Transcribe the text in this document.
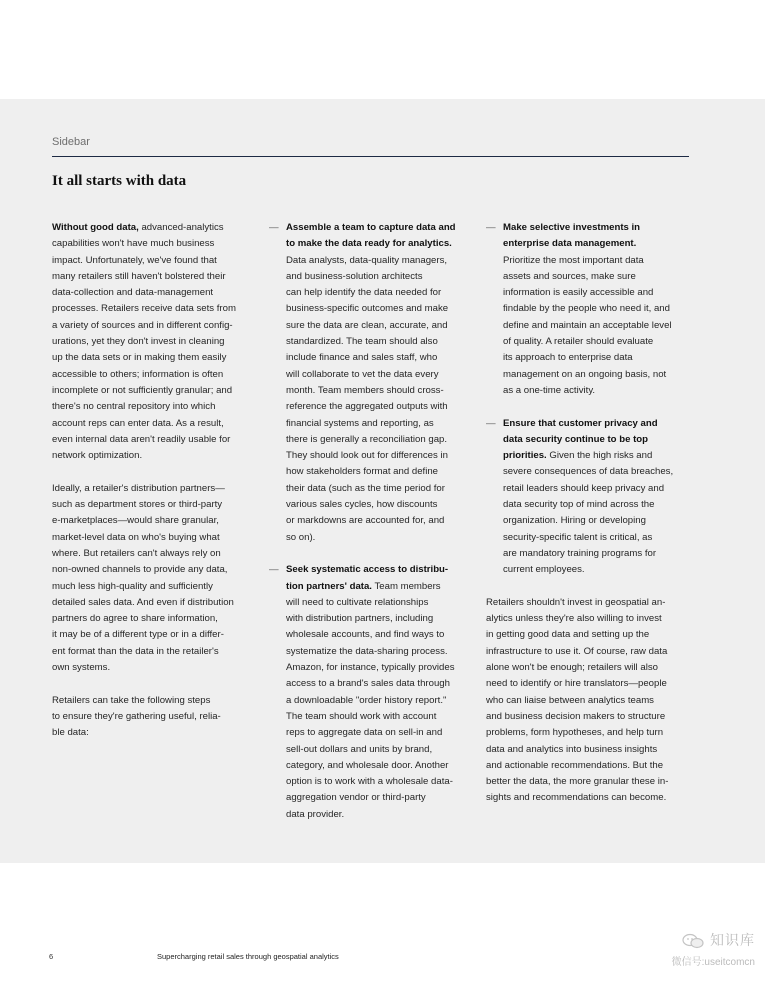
Sidebar
It all starts with data

Without good data, advanced-analytics
capabilities won't have much business
impact. Unfortunately, we've found that
many retailers still haven't bolstered their
data-collection and data-management
processes. Retailers receive data sets from
a variety of sources and in different config-
urations, yet they don't invest in cleaning
up the data sets or in making them easily
accessible to others; information is often
incomplete or not sufficiently granular; and
there's no central repository into which
account reps can enter data. As a result,
even internal data aren't readily usable for
network optimization.

Ideally, a retailer's distribution partners—
such as department stores or third-party
e-marketplaces—would share granular,
market-level data on who's buying what
where. But retailers can't always rely on
non-owned channels to provide any data,
much less high-quality and sufficiently
detailed sales data. And even if distribution
partners do agree to share information,
it may be of a different type or in a differ-
ent format than the data in the retailer's
own systems.

Retailers can take the following steps
to ensure they're gathering useful, relia-
ble data:

— Assemble a team to capture data and
to make the data ready for analytics.
Data analysts, data-quality managers,
and business-solution architects
can help identify the data needed for
business-specific outcomes and make
sure the data are clean, accurate, and
standardized. The team should also
include finance and sales staff, who
will collaborate to vet the data every
month. Team members should cross-
reference the aggregated outputs with
financial systems and reporting, as
there is generally a reconciliation gap.
They should look out for differences in
how stakeholders format and define
their data (such as the time period for
various sales cycles, how discounts
or markdowns are accounted for, and
so on).

— Seek systematic access to distribu-
tion partners' data. Team members
will need to cultivate relationships
with distribution partners, including
wholesale accounts, and find ways to
systematize the data-sharing process.
Amazon, for instance, typically provides
access to a brand's sales data through
a downloadable "order history report."
The team should work with account
reps to aggregate data on sell-in and
sell-out dollars and units by brand,
category, and wholesale door. Another
option is to work with a wholesale data-
aggregation vendor or third-party
data provider.

— Make selective investments in
enterprise data management.
Prioritize the most important data
assets and sources, make sure
information is easily accessible and
findable by the people who need it, and
define and maintain an acceptable level
of quality. A retailer should evaluate
its approach to enterprise data
management on an ongoing basis, not
as a one-time activity.

— Ensure that customer privacy and
data security continue to be top
priorities. Given the high risks and
severe consequences of data breaches,
retail leaders should keep privacy and
data security top of mind across the
organization. Hiring or developing
security-specific talent is critical, as
are mandatory training programs for
current employees.

Retailers shouldn't invest in geospatial an-
alytics unless they're also willing to invest
in getting good data and setting up the
infrastructure to use it. Of course, raw data
alone won't be enough; retailers will also
need to identify or hire translators—people
who can liaise between analytics teams
and business decision makers to structure
problems, form hypotheses, and help turn
data and analytics into business insights
and actionable recommendations. But the
better the data, the more granular these in-
sights and recommendations can become.

6	Supercharging retail sales through geospatial analytics
知识库
微信号:useitcomcn
